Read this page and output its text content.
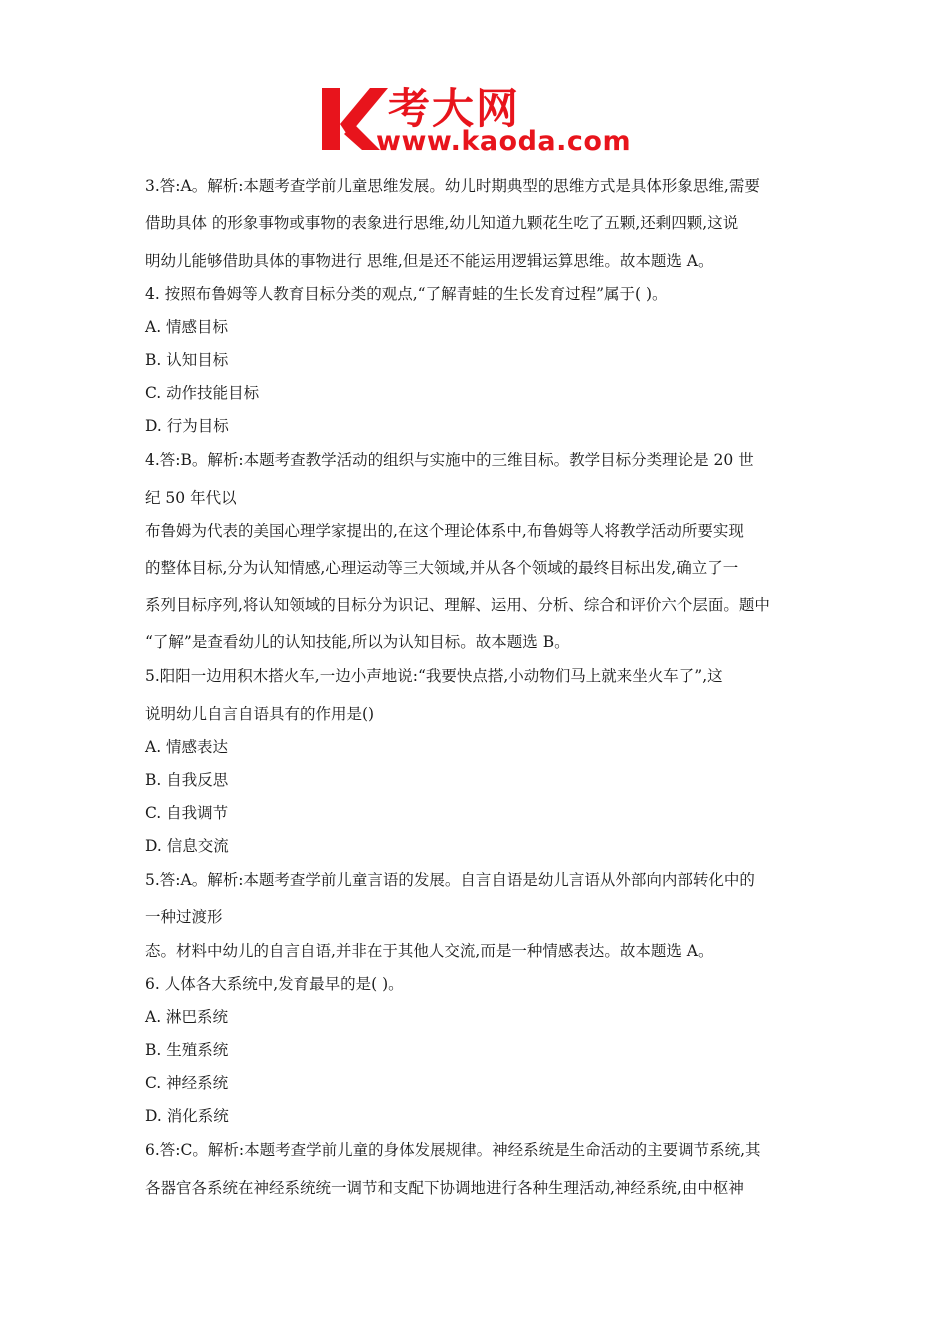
考大网
www.kaoda.com
3.答:A。解析:本题考查学前儿童思维发展。幼儿时期典型的思维方式是具体形象思维,需要
借助具体 的形象事物或事物的表象进行思维,幼儿知道九颗花生吃了五颗,还剩四颗,这说
明幼儿能够借助具体的事物进行 思维,但是还不能运用逻辑运算思维。故本题选 A。
4. 按照布鲁姆等人教育目标分类的观点,“了解青蛙的生长发育过程”属于( )。
A. 情感目标
B. 认知目标
C. 动作技能目标
D. 行为目标
4.答:B。解析:本题考查教学活动的组织与实施中的三维目标。教学目标分类理论是 20 世
纪 50 年代以
布鲁姆为代表的美国心理学家提出的,在这个理论体系中,布鲁姆等人将教学活动所要实现
的整体目标,分为认知情感,心理运动等三大领域,并从各个领域的最终目标出发,确立了一
系列目标序列,将认知领域的目标分为识记、理解、运用、分析、综合和评价六个层面。题中
“了解”是查看幼儿的认知技能,所以为认知目标。故本题选 B。
5.阳阳一边用积木搭火车,一边小声地说:“我要快点搭,小动物们马上就来坐火车了”,这
说明幼儿自言自语具有的作用是()
A. 情感表达
B. 自我反思
C. 自我调节
D. 信息交流
5.答:A。解析:本题考查学前儿童言语的发展。自言自语是幼儿言语从外部向内部转化中的
一种过渡形
态。材料中幼儿的自言自语,并非在于其他人交流,而是一种情感表达。故本题选 A。
6. 人体各大系统中,发育最早的是( )。
A. 淋巴系统
B. 生殖系统
C. 神经系统
D. 消化系统
6.答:C。解析:本题考查学前儿童的身体发展规律。神经系统是生命活动的主要调节系统,其
各器官各系统在神经系统统一调节和支配下协调地进行各种生理活动,神经系统,由中枢神
